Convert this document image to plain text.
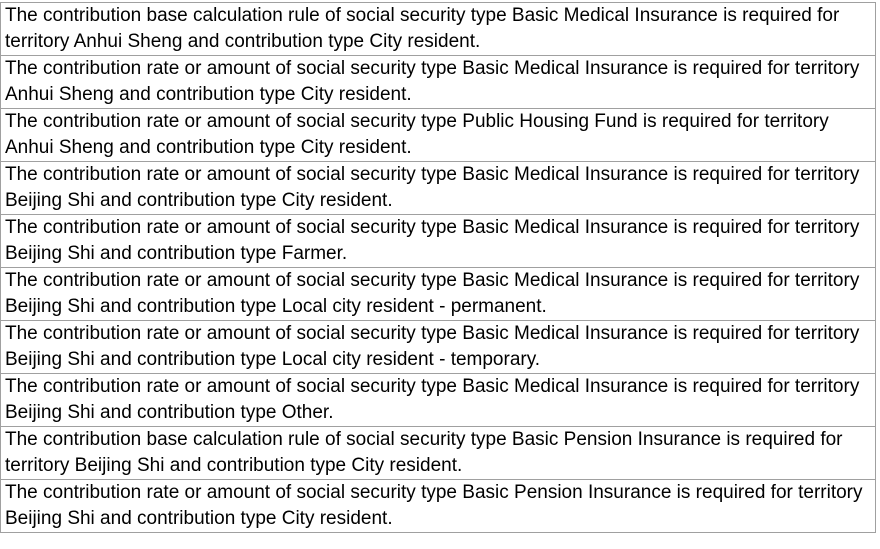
The contribution base calculation rule of social security type Basic Medical Insurance is required for territory Anhui Sheng and contribution type City resident.
The contribution rate or amount of social security type Basic Medical Insurance is required for territory Anhui Sheng and contribution type City resident.
The contribution rate or amount of social security type Public Housing Fund is required for territory Anhui Sheng and contribution type City resident.
The contribution rate or amount of social security type Basic Medical Insurance is required for territory Beijing Shi and contribution type City resident.
The contribution rate or amount of social security type Basic Medical Insurance is required for territory Beijing Shi and contribution type Farmer.
The contribution rate or amount of social security type Basic Medical Insurance is required for territory Beijing Shi and contribution type Local city resident - permanent.
The contribution rate or amount of social security type Basic Medical Insurance is required for territory Beijing Shi and contribution type Local city resident - temporary.
The contribution rate or amount of social security type Basic Medical Insurance is required for territory Beijing Shi and contribution type Other.
The contribution base calculation rule of social security type Basic Pension Insurance is required for territory Beijing Shi and contribution type City resident.
The contribution rate or amount of social security type Basic Pension Insurance is required for territory Beijing Shi and contribution type City resident.
